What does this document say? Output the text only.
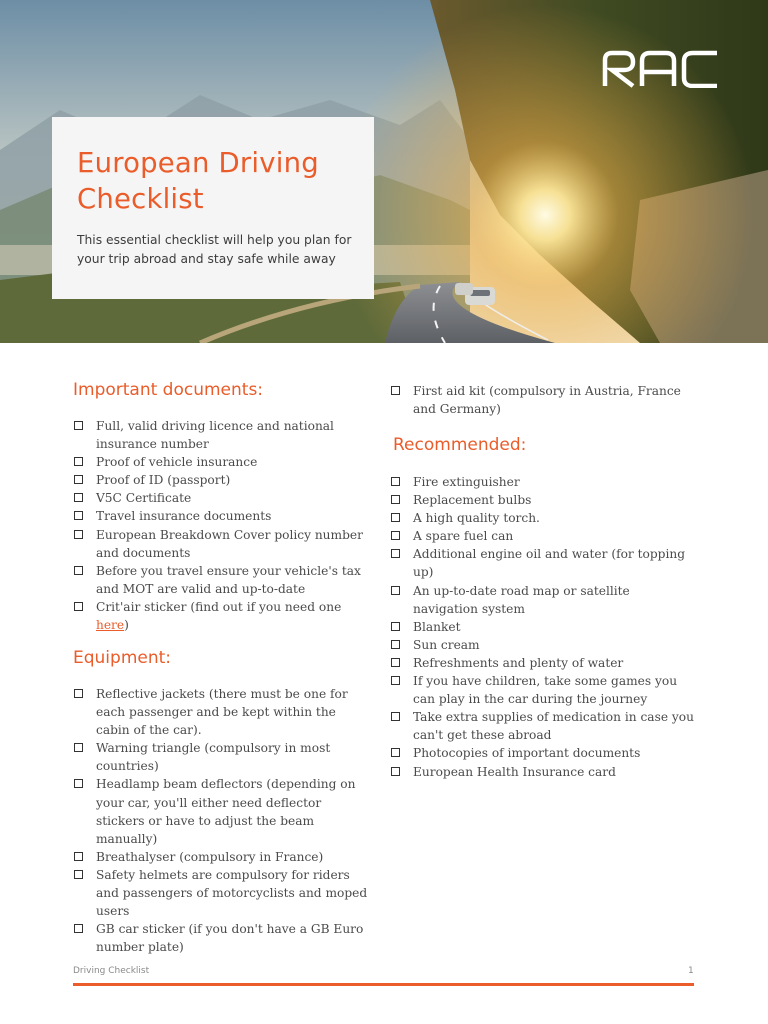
European Driving Checklist

This essential checklist will help you plan for your trip abroad and stay safe while away

Important documents:
Full, valid driving licence and national insurance number
Proof of vehicle insurance
Proof of ID (passport)
V5C Certificate
Travel insurance documents
European Breakdown Cover policy number and documents
Before you travel ensure your vehicle's tax and MOT are valid and up-to-date
Crit'air sticker (find out if you need one here)
Equipment:
Reflective jackets (there must be one for each passenger and be kept within the cabin of the car).
Warning triangle (compulsory in most countries)
Headlamp beam deflectors (depending on your car, you'll either need deflector stickers or have to adjust the beam manually)
Breathalyser (compulsory in France)
Safety helmets are compulsory for riders and passengers of motorcyclists and moped users
GB car sticker (if you don't have a GB Euro number plate)
First aid kit (compulsory in Austria, France and Germany)
Recommended:
Fire extinguisher
Replacement bulbs
A high quality torch.
A spare fuel can
Additional engine oil and water (for topping up)
An up-to-date road map or satellite navigation system
Blanket
Sun cream
Refreshments and plenty of water
If you have children, take some games you can play in the car during the journey
Take extra supplies of medication in case you can't get these abroad
Photocopies of important documents
European Health Insurance card
Driving Checklist	1
